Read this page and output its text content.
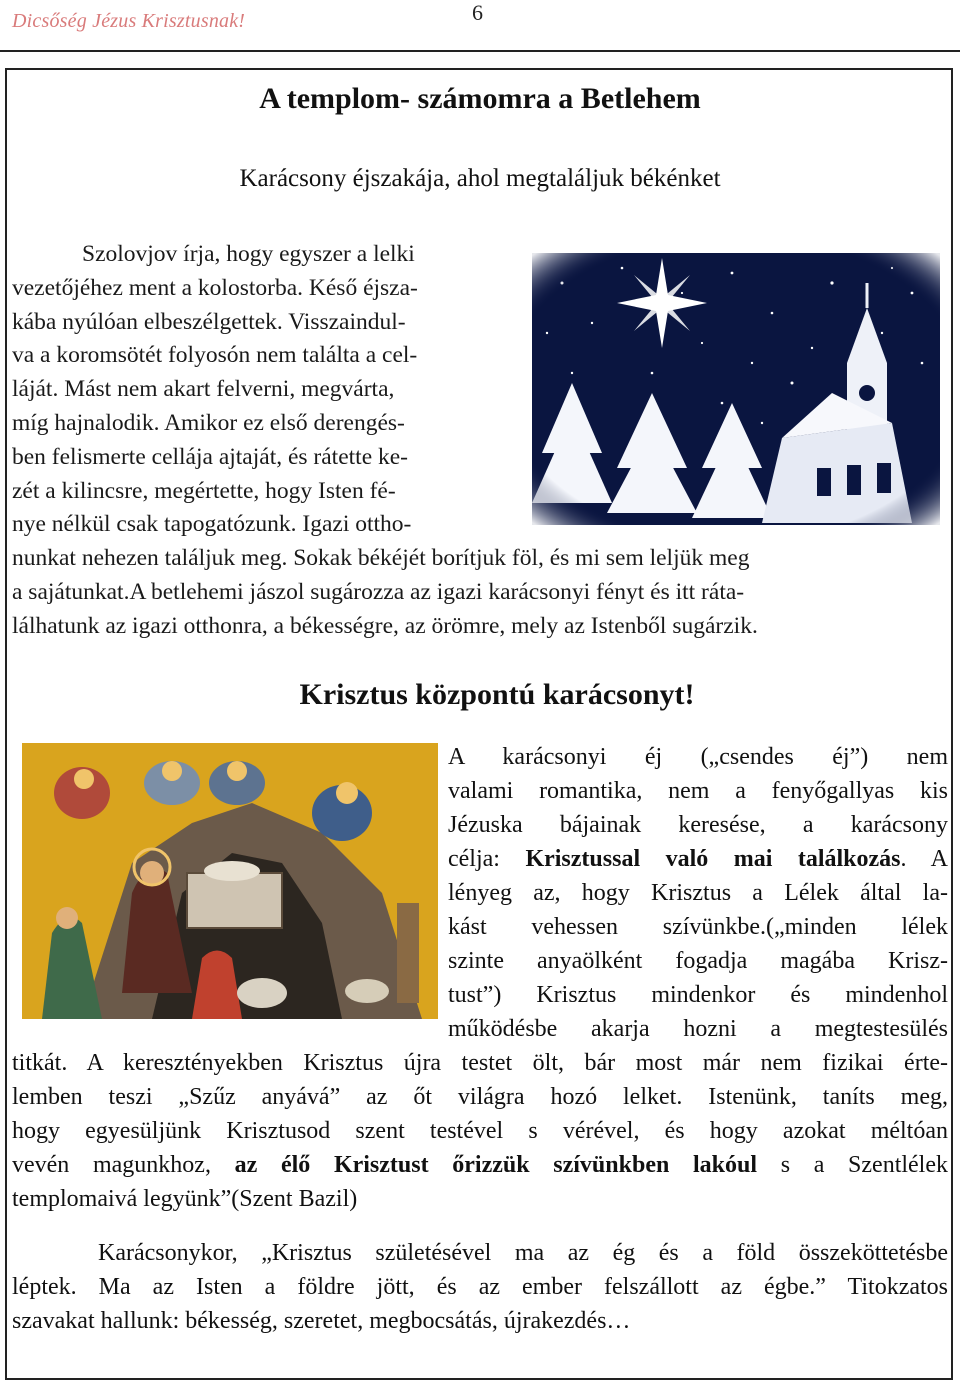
Dicsőség Jézus Krisztusnak!	6
A templom- számomra a Betlehem
Karácsony éjszakája, ahol megtaláljuk békénket
Szolovjov írja, hogy egyszer a lelki
vezetőjéhez ment a kolostorba. Késő éjsza-
kába nyúlóan elbeszélgettek. Visszaindul-
va a koromsötét folyosón nem találta a cel-
láját. Mást nem akart felverni, megvárta,
míg hajnalodik. Amikor ez első derengés-
ben felismerte cellája ajtaját, és rátette ke-
zét a kilincsre, megértette, hogy Isten fé-
nye nélkül csak tapogatózunk. Igazi ottho-
nunkat nehezen találjuk meg. Sokak békéjét borítjuk föl, és mi sem leljük meg
a sajátunkat.A betlehemi jászol sugározza az igazi karácsonyi fényt és itt ráta-
lálhatunk az igazi otthonra, a békességre, az örömre, mely az Istenből sugárzik.
Krisztus központú karácsonyt!
A karácsonyi éj („csendes éj”) nem
valami romantika, nem a fenyőgallyas kis
Jézuska bájainak keresése, a karácsony
célja: Krisztussal való mai találkozás. A
lényeg az, hogy Krisztus a Lélek által la-
kást vehessen szívünkbe.(„minden lélek
szinte anyaölként fogadja magába Krisz-
tust”) Krisztus mindenkor és mindenhol
működésbe akarja hozni a megtestesülés
titkát. A keresztényekben Krisztus újra testet ölt, bár most már nem fizikai érte-
lemben teszi „Szűz anyává” az őt világra hozó lelket. Istenünk, taníts meg,
hogy egyesüljünk Krisztusod szent testével s vérével, és hogy azokat méltóan
vevén magunkhoz, az élő Krisztust őrizzük szívünkben lakóul s a Szentlélek
templomaivá legyünk”(Szent Bazil)
Karácsonykor, „Krisztus születésével ma az ég és a föld összeköttetésbe
léptek. Ma az Isten a földre jött, és az ember felszállott az égbe.” Titokzatos
szavakat hallunk: békesség, szeretet, megbocsátás, újrakezdés…
